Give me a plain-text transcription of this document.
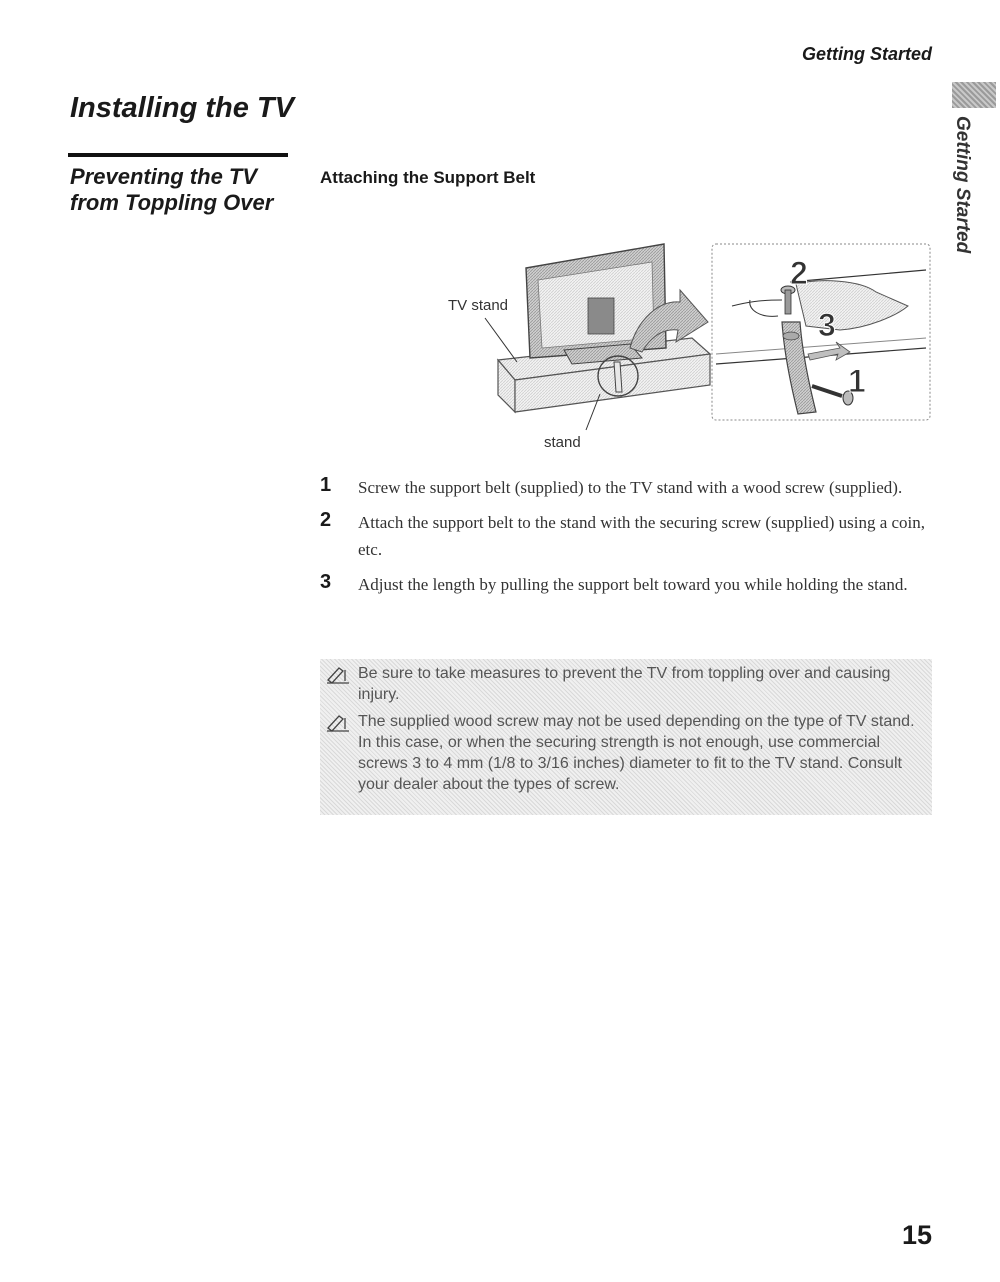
Getting Started
Getting Started
Installing the TV
Preventing the TV from Toppling Over
Attaching the Support Belt
2
3
1
TV stand
stand
1 Screw the support belt (supplied) to the TV stand with a wood screw (supplied).
2 Attach the support belt to the stand with the securing screw (supplied) using a coin, etc.
3 Adjust the length by pulling the support belt toward you while holding the stand.
Be sure to take measures to prevent the TV from toppling over and causing injury.
The supplied wood screw may not be used depending on the type of TV stand. In this case, or when the securing strength is not enough, use commercial screws 3 to 4 mm (1/8 to 3/16 inches) diameter to fit to the TV stand. Consult your dealer about the types of screw.
15
